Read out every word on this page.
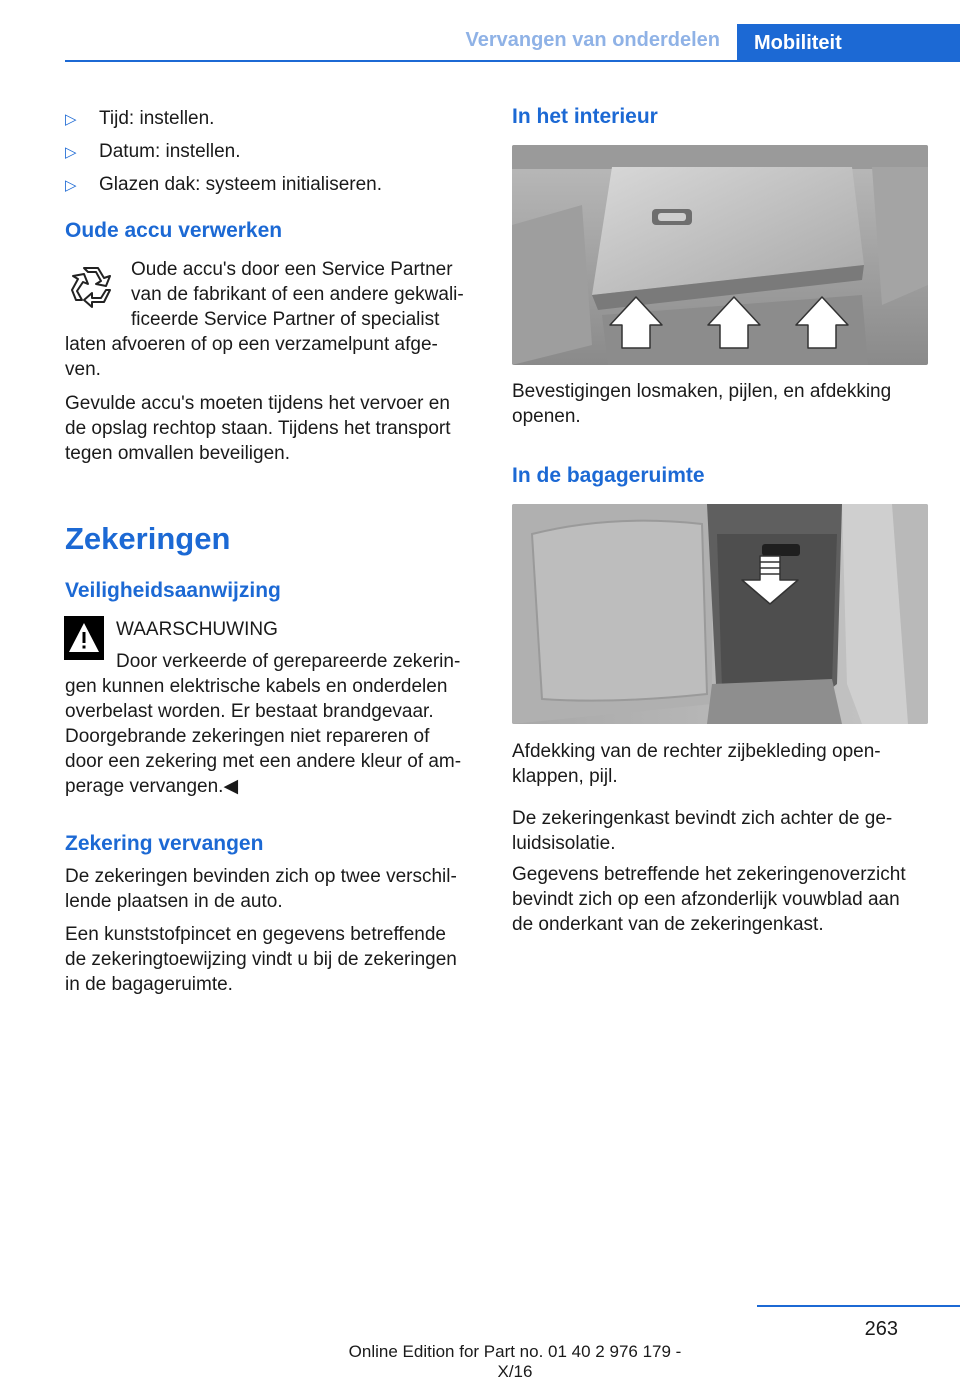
Vervangen van onderdelen	Mobiliteit
▷ Tijd: instellen.
▷ Datum: instellen.
▷ Glazen dak: systeem initialiseren.
Oude accu verwerken
Oude accu's door een Service Partner
van de fabrikant of een andere gekwali-
ficeerde Service Partner of specialist
laten afvoeren of op een verzamelpunt afge-
ven.
Gevulde accu's moeten tijdens het vervoer en
de opslag rechtop staan. Tijdens het transport
tegen omvallen beveiligen.
Zekeringen
Veiligheidsaanwijzing
WAARSCHUWING
Door verkeerde of gerepareerde zekerin-
gen kunnen elektrische kabels en onderdelen
overbelast worden. Er bestaat brandgevaar.
Doorgebrande zekeringen niet repareren of
door een zekering met een andere kleur of am-
perage vervangen.◀
Zekering vervangen
De zekeringen bevinden zich op twee verschil-
lende plaatsen in de auto.
Een kunststofpincet en gegevens betreffende
de zekeringtoewijzing vindt u bij de zekeringen
in de bagageruimte.
In het interieur
Bevestigingen losmaken, pijlen, en afdekking
openen.
In de bagageruimte
Afdekking van de rechter zijbekleding open-
klappen, pijl.
De zekeringenkast bevindt zich achter de ge-
luidsisolatie.
Gegevens betreffende het zekeringenoverzicht
bevindt zich op een afzonderlijk vouwblad aan
de onderkant van de zekeringenkast.
263
Online Edition for Part no. 01 40 2 976 179 - X/16
